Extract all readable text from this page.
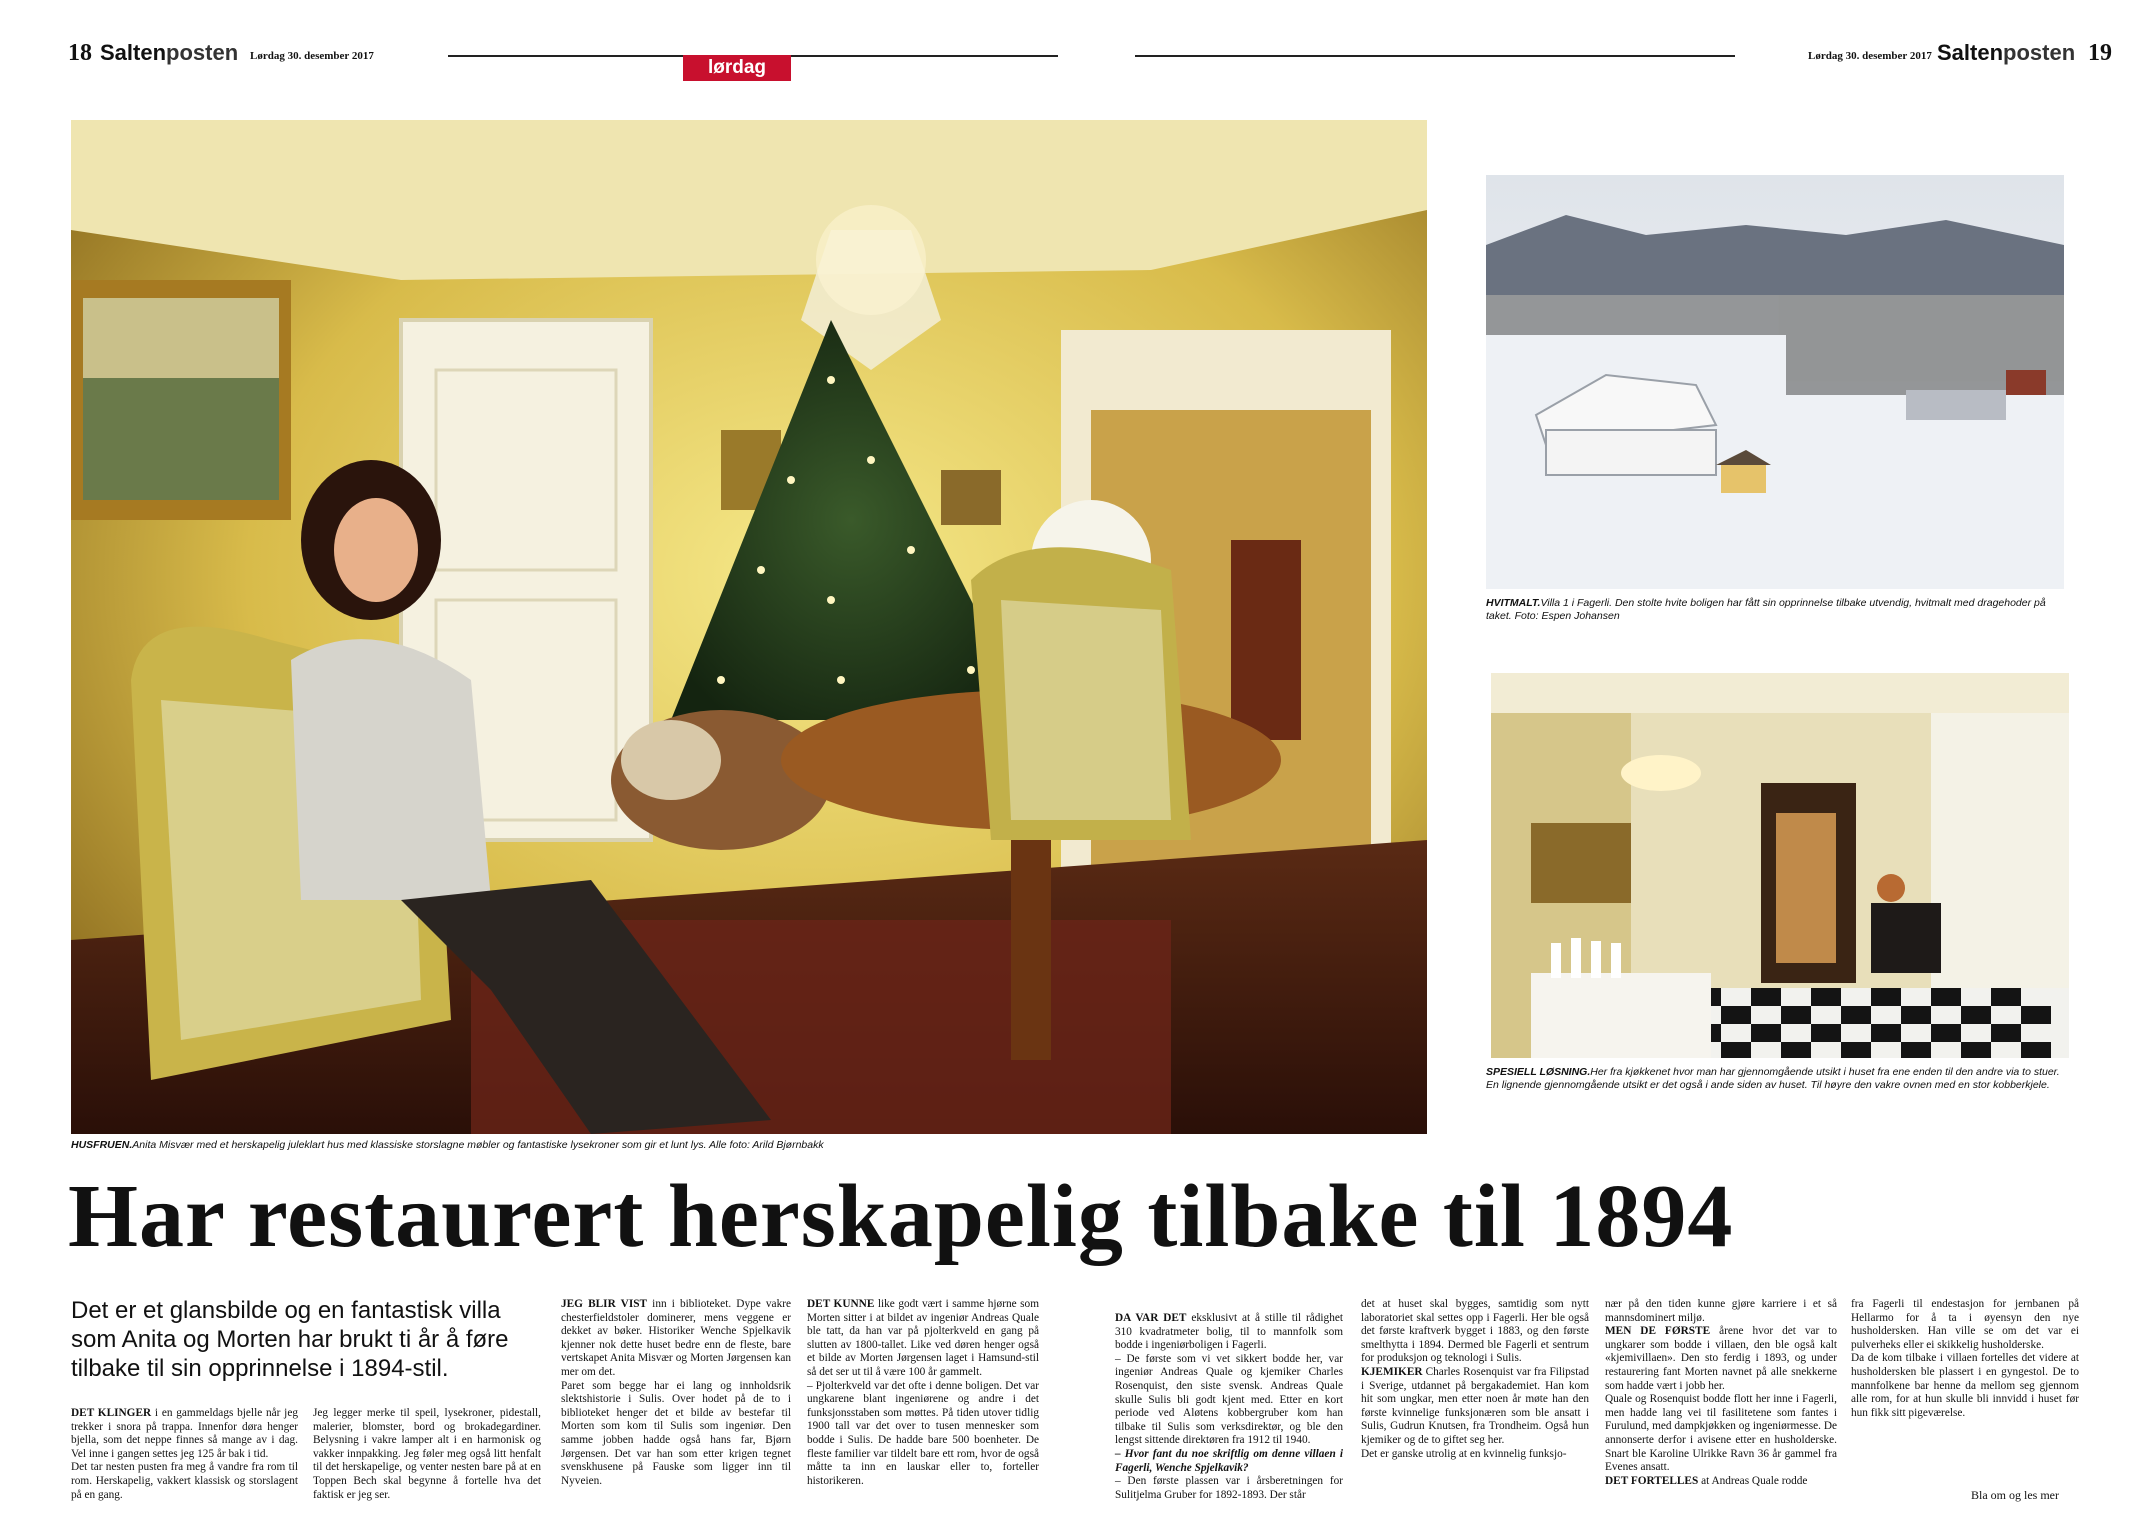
18 Saltenposten Lørdag 30. desember 2017
lørdag
Lørdag 30. desember 2017 Saltenposten 19
HUSFRUEN.Anita Misvær med et herskapelig juleklart hus med klassiske storslagne møbler og fantastiske lysekroner som gir et lunt lys. Alle foto: Arild Bjørnbakk
HVITMALT.Villa 1 i Fagerli. Den stolte hvite boligen har fått sin opprinnelse tilbake utvendig, hvitmalt med dragehoder på taket. Foto: Espen Johansen
SPESIELL LØSNING.Her fra kjøkkenet hvor man har gjennomgående utsikt i huset fra ene enden til den andre via to stuer. En lignende gjennomgående utsikt er det også i ande siden av huset. Til høyre den vakre ovnen med en stor kobberkjele.
Har restaurert herskapelig tilbake til 1894
Det er et glansbilde og en fantastisk villa som Anita og Morten har brukt ti år å føre tilbake til sin opprinnelse i 1894-stil.

DET KLINGER i en gammeldags bjelle når jeg trekker i snora på trappa. Innenfor døra henger bjella, som det neppe finnes så mange av i dag. Vel inne i gangen settes jeg 125 år bak i tid.

Det tar nesten pusten fra meg å vandre fra rom til rom. Herskapelig, vakkert klassisk og storslagent på en gang.

Jeg legger merke til speil, lysekroner, pidestall, malerier, blomster, bord og brokadegardiner. Belysning i vakre lamper alt i en harmonisk og vakker innpakking. Jeg føler meg også litt henfalt til det herskapelige, og venter nesten bare på at en Toppen Bech skal begynne å fortelle hva det faktisk er jeg ser.

JEG BLIR VIST inn i biblioteket. Dype vakre chesterfieldstoler dominerer, mens veggene er dekket av bøker. Historiker Wenche Spjelkavik kjenner nok dette huset bedre enn de fleste, bare vertskapet Anita Misvær og Morten Jørgensen kan mer om det.

Paret som begge har ei lang og innholdsrik slektshistorie i Sulis. Over hodet på de to i biblioteket henger det et bilde av bestefar til Morten som kom til Sulis som ingeniør. Den samme jobben hadde også hans far, Bjørn Jørgensen. Det var han som etter krigen tegnet svenskhusene på Fauske som ligger inn til Nyveien.

DET KUNNE like godt vært i samme hjørne som Morten sitter i at bildet av ingeniør Andreas Quale ble tatt, da han var på pjolterkveld en gang på slutten av 1800-tallet. Like ved døren henger også et bilde av Morten Jørgensen laget i Hamsund-stil så det ser ut til å være 100 år gammelt.

– Pjolterkveld var det ofte i denne boligen. Det var ungkarene blant ingeniørene og andre i det funksjonsstaben som møttes. På tiden utover tidlig 1900 tall var det over to tusen mennesker som bodde i Sulis. De hadde bare 500 boenheter. De fleste familier var tildelt bare ett rom, hvor de også måtte ta inn en lauskar eller to, forteller historikeren.

DA VAR DET eksklusivt at å stille til rådighet 310 kvadratmeter bolig, til to mannfolk som bodde i ingeniørboligen i Fagerli.

– De første som vi vet sikkert bodde her, var ingeniør Andreas Quale og kjemiker Charles Rosenquist, den siste svensk. Andreas Quale skulle Sulis bli godt kjent med. Etter en kort periode ved Aløtens kobbergruber kom han tilbake til Sulis som verksdirektør, og ble den lengst sittende direktøren fra 1912 til 1940.

– Hvor fant du noe skriftlig om denne villaen i Fagerli, Wenche Spjelkavik?

– Den første plassen var i årsberetningen for Sulitjelma Gruber for 1892-1893. Der står

det at huset skal bygges, samtidig som nytt laboratoriet skal settes opp i Fagerli. Her ble også det første kraftverk bygget i 1883, og den første smelthytta i 1894. Dermed ble Fagerli et sentrum for produksjon og teknologi i Sulis.

KJEMIKER Charles Rosenquist var fra Filipstad i Sverige, utdannet på bergakademiet. Han kom hit som ungkar, men etter noen år møte han den første kvinnelige funksjonæren som ble ansatt i Sulis, Gudrun Knutsen, fra Trondheim. Også hun kjemiker og de to giftet seg her.

Det er ganske utrolig at en kvinnelig funksjo-

nær på den tiden kunne gjøre karriere i et så mannsdominert miljø.

MEN DE FØRSTE årene hvor det var to ungkarer som bodde i villaen, den ble også kalt «kjemivillaen». Den sto ferdig i 1893, og under restaurering fant Morten navnet på alle snekkerne som hadde vært i jobb her.

Quale og Rosenquist bodde flott her inne i Fagerli, men hadde lang vei til fasilitetene som fantes i Furulund, med dampkjøkken og ingeniørmesse. De annonserte derfor i avisene etter en husholderske. Snart ble Karoline Ulrikke Ravn 36 år gammel fra Evenes ansatt.

DET FORTELLES at Andreas Quale rodde

fra Fagerli til endestasjon for jernbanen på Hellarmo for å ta i øyensyn den nye husholdersken. Han ville se om det var ei pulverheks eller ei skikkelig husholderske.

Da de kom tilbake i villaen fortelles det videre at husholdersken ble plassert i en gyngestol. De to mannfolkene bar henne da mellom seg gjennom alle rom, for at hun skulle bli innvidd i huset før hun fikk sitt pigeværelse.

Bla om og les mer
